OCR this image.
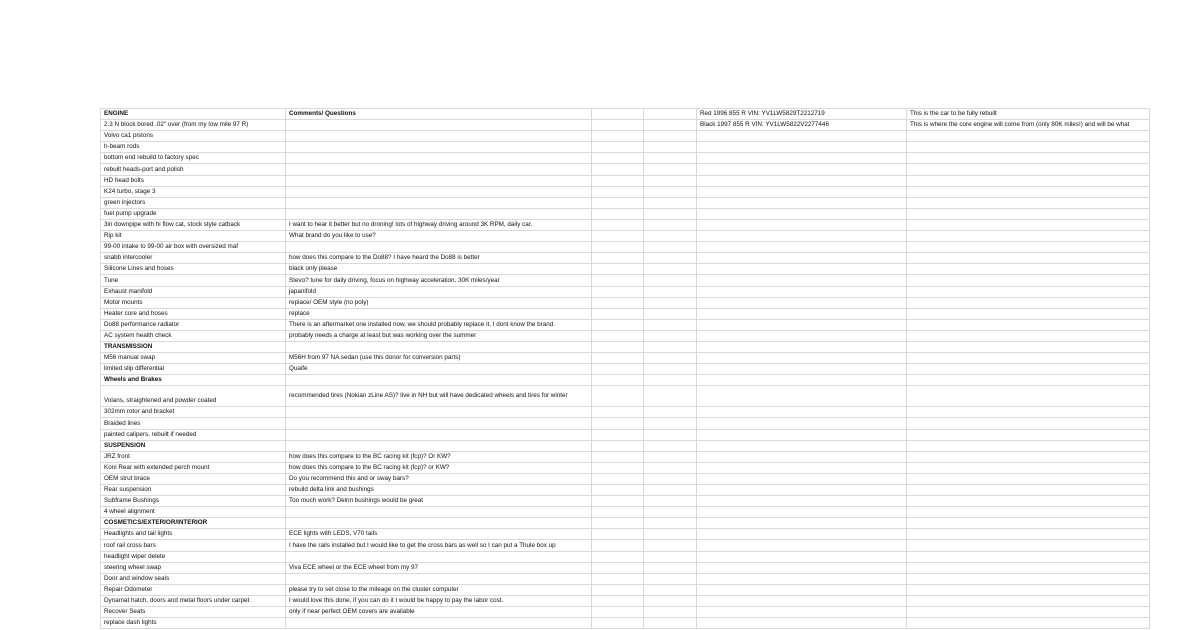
ENGINE	Comments/ Questions			Red 1996 855 R VIN: YV1LW5829T2212719	This is the car to be fully rebuilt
2.3 N block bored .02" over (from my low mile 97 R)				Black 1997 855 R VIN: YV1LW5822V2277446	This is where the core engine will come from (only 80K miles!) and will be what
Volvo ca1 pistons					
h-beam rods					
bottom end rebuild to factory spec					
rebuilt heads-port and polish					
HD head bolts					
K24 turbo, stage 3					
green injectors					
fuel pump upgrade					
3in downpipe with hi flow cat, stock style catback	I want to hear it better but no droning! lots of highway driving around 3K RPM, daily car.				
Rip kit	What brand do you like to use?				
99-00 intake to 99-00 air box with oversized maf					
snabb intercooler	how does this compare to the Do88? I have heard the Do88 is better				
Silicone Lines and hoses	black only please				
Tune	Stevo? tune for daily driving, focus on highway acceleration, 30K miles/year				
Exhaust manifold	japanifold				
Motor mounts	replace/ OEM style (no poly)				
Heater core and hoses	replace				
Do88 performance radiator	There is an aftermarket one installed now, we should probably replace it, I dont know the brand.				
AC system health check	probably needs a charge at least but was working over the summer				
TRANSMISSION					
M56 manual swap	M56H from 97 NA sedan (use this donor for conversion parts)				
limited slip differential	Quaife				
Wheels and Brakes					
Volans, straightened and powder coated	recommended tires (Nokian zLine AS)? live in NH but will have dedicated wheels and tires for winter				
302mm rotor and bracket					
Braided lines					
painted calipers, rebuilt if needed					
SUSPENSION					
JRZ front	how does this compare to the BC racing kit (fcp)? Or KW?				
Koni Rear with extended perch mount	how does this compare to the BC racing kit (fcp)? or KW?				
OEM strut brace	Do you recommend this and or sway bars?				
Rear suspension	rebuild delta link and bushings				
Subframe Bushings	Too much work? Delrin bushings would be great				
4 wheel alignment					
COSMETICS/EXTERIOR/INTERIOR					
Headlights and tail lights	ECE lights with LEDS, V70 tails				
roof rail cross bars	I have the rails installed but I would like to get the cross bars as well so I can put a Thule box up				
headlight wiper delete					
steering wheel swap	Viva ECE wheel or the ECE wheel from my 97				
Door and window seals					
Repair Odometer	please try to set close to the mileage on the cluster computer				
Dynamat hatch, doors and metal floors under carpet	I would love this done, if you can do it I would be happy to pay the labor cost.				
Recover Seats	only if near perfect OEM covers are available				
replace dash lights					
